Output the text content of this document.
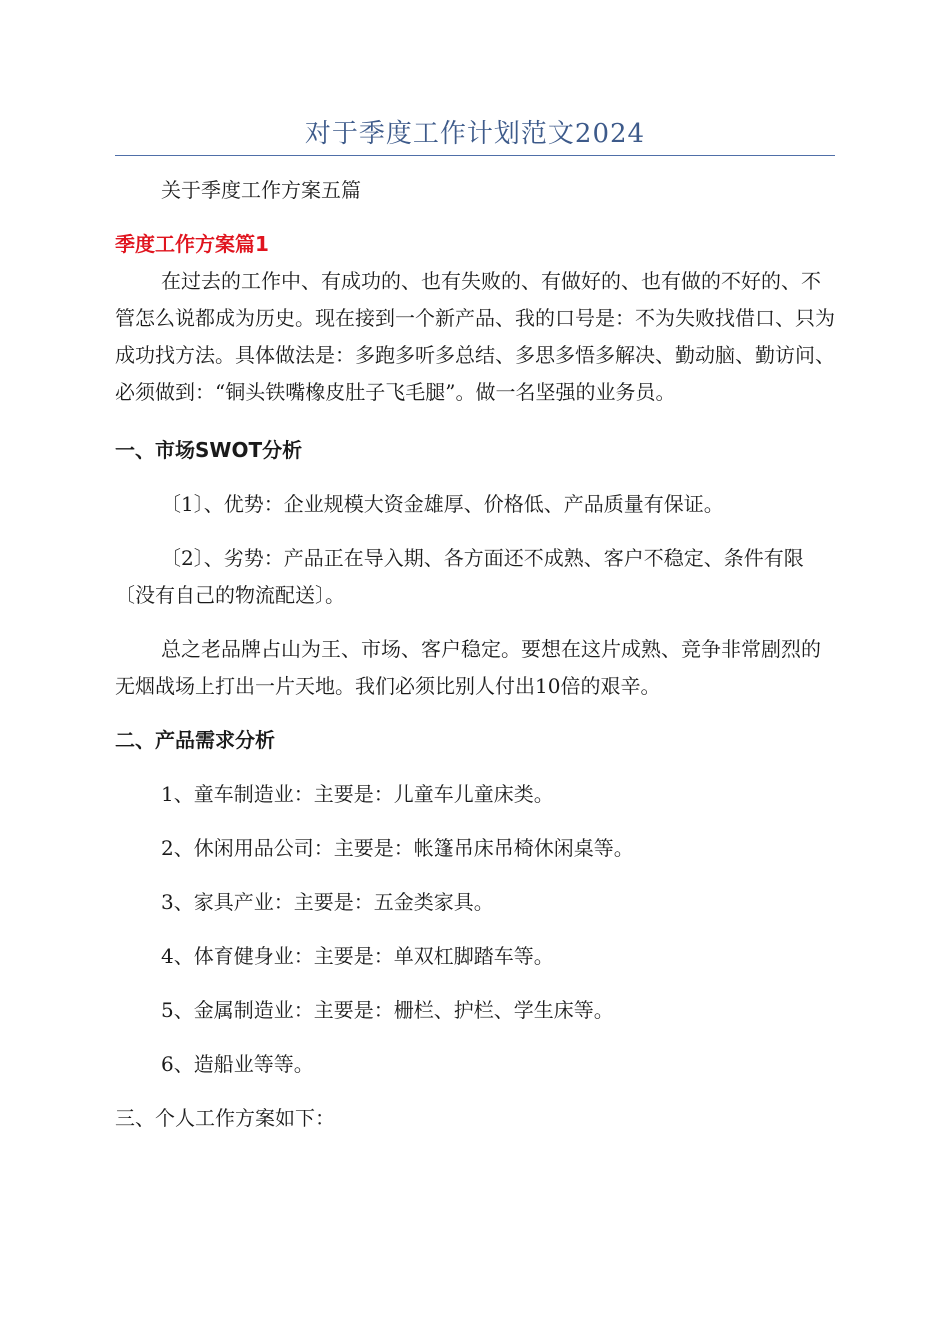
对于季度工作计划范文2024

关于季度工作方案五篇

季度工作方案篇1

在过去的工作中、有成功的、也有失败的、有做好的、也有做的不好的、不管怎么说都成为历史。现在接到一个新产品、我的口号是：不为失败找借口、只为成功找方法。具体做法是：多跑多听多总结、多思多悟多解决、勤动脑、勤访问、必须做到：“铜头铁嘴橡皮肚子飞毛腿”。做一名坚强的业务员。

一、市场SWOT分析

〔1〕、优势：企业规模大资金雄厚、价格低、产品质量有保证。

〔2〕、劣势：产品正在导入期、各方面还不成熟、客户不稳定、条件有限〔没有自己的物流配送〕。

总之老品牌占山为王、市场、客户稳定。要想在这片成熟、竞争非常剧烈的无烟战场上打出一片天地。我们必须比别人付出10倍的艰辛。

二、产品需求分析

1、童车制造业：主要是：儿童车儿童床类。

2、休闲用品公司：主要是：帐篷吊床吊椅休闲桌等。

3、家具产业：主要是：五金类家具。

4、体育健身业：主要是：单双杠脚踏车等。

5、金属制造业：主要是：栅栏、护栏、学生床等。

6、造船业等等。

三、个人工作方案如下：
